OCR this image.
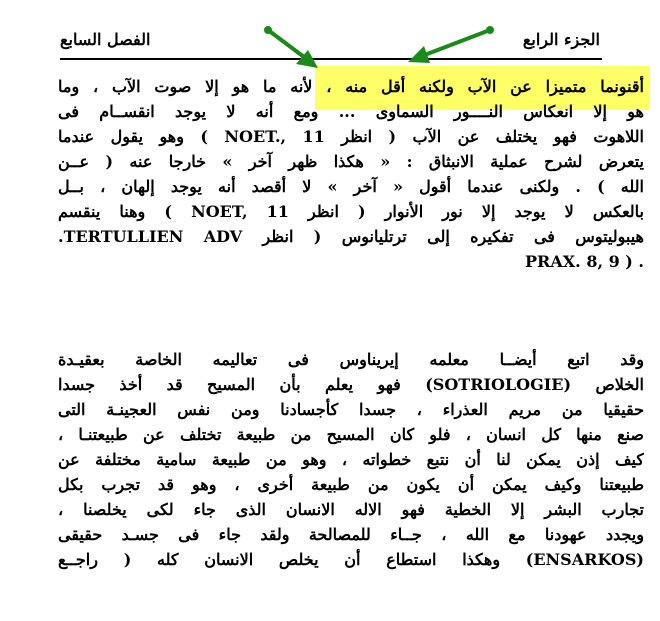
الفصل السابع	الجزء الرابع
أقنونما متميزا عن الآب ولكنه أقل منه ، لأنه ما هو إلا صوت الآب ، وما
هو إلا انعكاس النــــور السماوى ... ومع أنه لا يوجد انقســام فى
اللاهوت فهو يختلف عن الآب ( انظر NOET., 11 ) وهو يقول عندما
يتعرض لشرح عملية الانبثاق : « هكذا ظهر آخر » خارجا عنه ( عــن
الله ) . ولكنى عندما أقول « آخر » لا أقصد أنه يوجد إلهان ، بــل
بالعكس لا يوجد إلا نور الأنوار ( انظر NOET, 11 ) وهنا ينقسم
هيبوليتوس فى تفكيره إلى ترتليانوس ( انظر TERTULLIEN ADV.
. ( PRAX. 8, 9
وقد اتبع أيضــا معلمه إيريناوس فى تعاليمه الخاصة بعقيـدة
الخلاص (SOTRIOLOGIE) فهو يعلم بأن المسيح قد أخذ جسدا
حقيقيا من مريم العذراء ، جسدا كأجسادنا ومن نفس العجينـة التى
صنع منها كل انسان ، فلو كان المسيح من طبيعة تختلف عن طبيعتنـا ،
كيف إذن يمكن لنا أن نتبع خطواته ، وهو من طبيعة سامية مختلفة عن
طبيعتنا وكيف يمكن أن يكون من طبيعة أخرى ، وهو قد تجرب بكل
تجارب البشر إلا الخطية فهو الاله الانسان الذى جاء لكى يخلصنا ،
ويجدد عهودنا مع الله ، جــاء للمصالحة ولقد جاء فى جسـد حقيقى
(ENSARKOS) وهكذا استطاع أن يخلص الانسان كله ( راجــع
